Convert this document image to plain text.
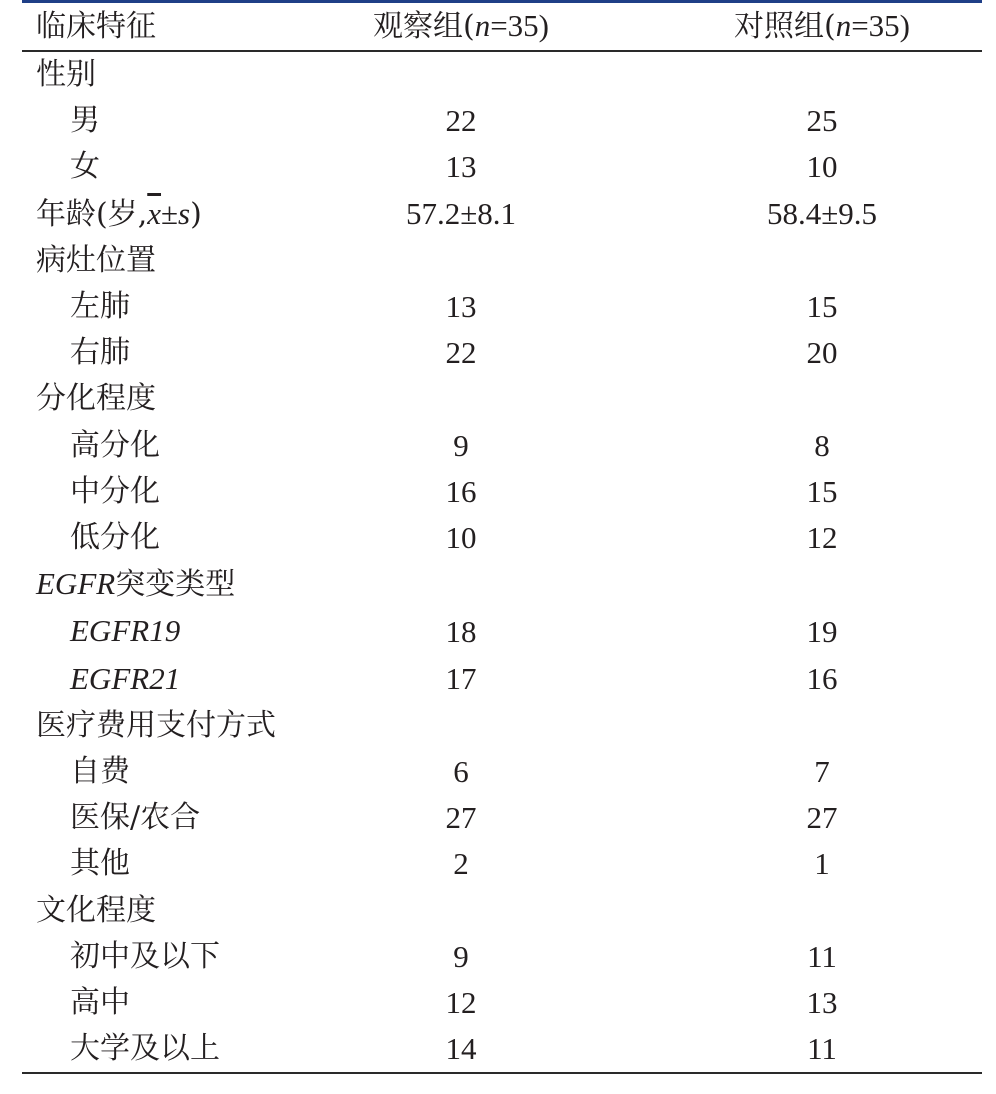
临床特征	观察组(n=35)	对照组(n=35)
性别		
男	22	25
女	13	10
年龄(岁$,\overline{x}\pm s$)	57.2±8.1	58.4±9.5
病灶位置		
左肺	13	15
右肺	22	20
分化程度		
高分化	9	8
中分化	16	15
低分化	10	12
EGFR突变类型		
EGFR19	18	19
EGFR21	17	16
医疗费用支付方式		
自费	6	7
医保/农合	27	27
其他	2	1
文化程度		
初中及以下	9	11
高中	12	13
大学及以上	14	11
